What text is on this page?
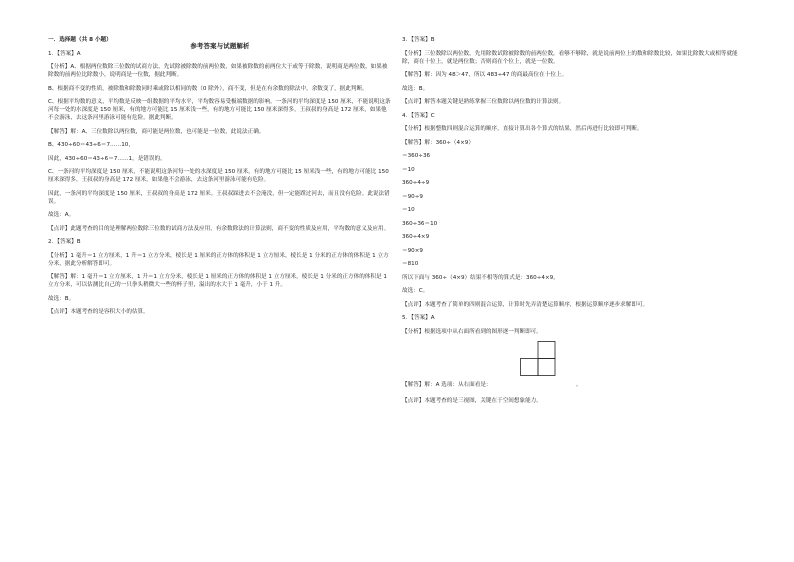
参考答案与试题解析
一．选择题（共 8 小题）
1．【答案】A
【分析】A、根据两位数除三位数的试商方法，先试除被除数的前两位数，如果被除数的前两位大于或等于除数，说明商是两位数，如果被除数的前两位比除数小，说明商是一位数，据此判断。
B、根据商不变的性质，被除数和除数同时乘或除以相同的数（0 除外），商不变，但是在有余数的除法中，余数变了，据此判断。
C、根据平均数的意义，平均数是反映一组数据的平均水平，平均数容易受极端数据的影响。一条河的平均深度是 150 厘米，不能说明这条河每一处的水深度是 150 厘米，有的地方可能比 15 厘米浅一些，有的地方可能比 150 厘米深得多，王叔叔的身高是 172 厘米，如果他不会游泳，去这条河里游泳可能有危险，据此判断。
【解答】解：A、三位数除以两位数，商可能是两位数，也可能是一位数，此说法正确。
B、430÷60＝43÷6＝7……10，
因此，430÷60＝43÷6＝7……1，是错误的。
C、一条河的平均深度是 150 厘米，不能说明这条河每一处的水深度是 150 厘米，有的地方可能比 15 厘米浅一些，有的地方可能比 150 厘米深得多，王叔叔的身高是 172 厘米，如果他不会游泳，去这条河里游泳可能有危险。
因此，一条河的平均深度是 150 厘米，王叔叔的身高是 172 厘米。王叔叔踩进去不会淹没，但一定能蹚过河去，而且没有危险。此说法错误。
故选：A。
【点评】此题考查的目的是理解两位数除三位数的试商方法及应用，有余数除法的计算法则，商不变的性质及应用，平均数的意义及应用。
2．【答案】B
【分析】1 毫升＝1 立方厘米，1 升＝1 立方分米，棱长是 1 厘米的正方体的体积是 1 立方厘米，棱长是 1 分米的正方体的体积是 1 立方分米，据此分析解答即可。
【解答】解：1 毫升＝1 立方厘米，1 升＝1 立方分米，棱长是 1 厘米的正方体的体积是 1 立方厘米，棱长是 1 分米的正方体的体积是 1 立方分米，可以估测比自己的一只拳头稍微大一些的杯子里，溢出的水大于 1 毫升，小于 1 升。
故选：B。
【点评】本题考查的是容积大小的估算。
3．【答案】B
【分析】三位数除以两位数，先用除数试除被除数的前两位数，看够不够除，就是说前两位上的数和除数比较，如果比除数大或相等就能除，商在十位上，就是两位数；否则商在个位上，就是一位数。
【解答】解：因为 48＞47，所以 483÷47 的商最高位在十位上。
故选：B。
【点评】解答本题关键是熟练掌握三位数除以两位数的计算法则。
4．【答案】C
【分析】根据整数四则混合运算的顺序，直接计算出各个算式的结果，然后再进行比较即可判断。
【解答】解：360÷（4×9）
＝360÷36
＝10
360÷4÷9
＝90÷9
＝10
360÷36＝10
360÷4×9
＝90×9
＝810
所以下面与 360÷（4×9）结果不相等的算式是：360÷4×9。
故选：C。
【点评】本题考查了简单的四则混合运算，计算时先弄清楚运算顺序，根据运算顺序逐步求解即可。
5．【答案】A
【分析】根据选项中从右面所看到的图形逐一判断即可。
【解答】解：A 选项：从右面看是：	。
【点评】本题考查的是三视图，关键在于空间想象能力。
